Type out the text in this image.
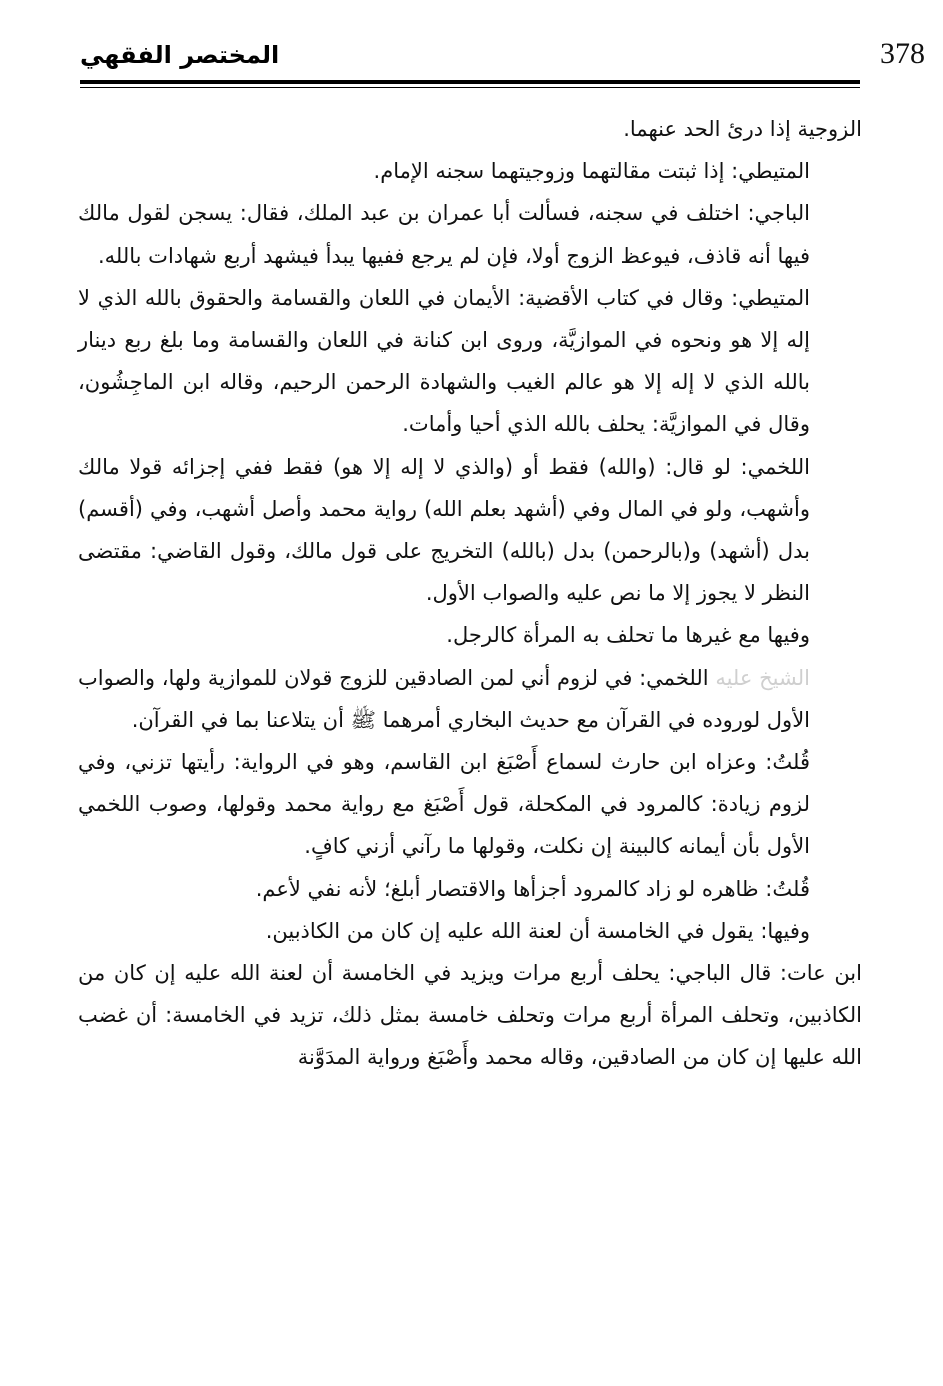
378
المختصر الفقهي

الزوجية إذا درئ الحد عنهما.

المتيطي: إذا ثبتت مقالتهما وزوجيتهما سجنه الإمام.

الباجي: اختلف في سجنه، فسألت أبا عمران بن عبد الملك، فقال: يسجن لقول مالك فيها أنه قاذف، فيوعظ الزوج أولا، فإن لم يرجع ففيها يبدأ فيشهد أربع شهادات بالله.

المتيطي: وقال في كتاب الأقضية: الأيمان في اللعان والقسامة والحقوق بالله الذي لا إله إلا هو ونحوه في الموازيَّة، وروى ابن كنانة في اللعان والقسامة وما بلغ ربع دينار بالله الذي لا إله إلا هو عالم الغيب والشهادة الرحمن الرحيم، وقاله ابن الماجِشُون، وقال في الموازيَّة: يحلف بالله الذي أحيا وأمات.

اللخمي: لو قال: (والله) فقط أو (والذي لا إله إلا هو) فقط ففي إجزائه قولا مالك وأشهب، ولو في المال وفي (أشهد بعلم الله) رواية محمد وأصل أشهب، وفي (أقسم) بدل (أشهد) و(بالرحمن) بدل (بالله) التخريج على قول مالك، وقول القاضي: مقتضى النظر لا يجوز إلا ما نص عليه والصواب الأول.

وفيها مع غيرها ما تحلف به المرأة كالرجل.

الشيخ عليه اللخمي: في لزوم أني لمن الصادقين للزوج قولان للموازية ولها، والصواب الأول لوروده في القرآن مع حديث البخاري أمرهما ﷺ أن يتلاعنا بما في القرآن.

قُلتُ: وعزاه ابن حارث لسماع أَصْبَغ ابن القاسم، وهو في الرواية: رأيتها تزني، وفي لزوم زيادة: كالمرود في المكحلة، قول أَصْبَغ مع رواية محمد وقولها، وصوب اللخمي الأول بأن أيمانه كالبينة إن نكلت، وقولها ما رآني أزني كافٍ.

قُلتُ: ظاهره لو زاد كالمرود أجزأها والاقتصار أبلغ؛ لأنه نفي لأعم.

وفيها: يقول في الخامسة أن لعنة الله عليه إن كان من الكاذبين.

ابن عات: قال الباجي: يحلف أربع مرات ويزيد في الخامسة أن لعنة الله عليه إن كان من الكاذبين، وتحلف المرأة أربع مرات وتحلف خامسة بمثل ذلك، تزيد في الخامسة: أن غضب الله عليها إن كان من الصادقين، وقاله محمد وأَصْبَغ ورواية المدَوَّنة
